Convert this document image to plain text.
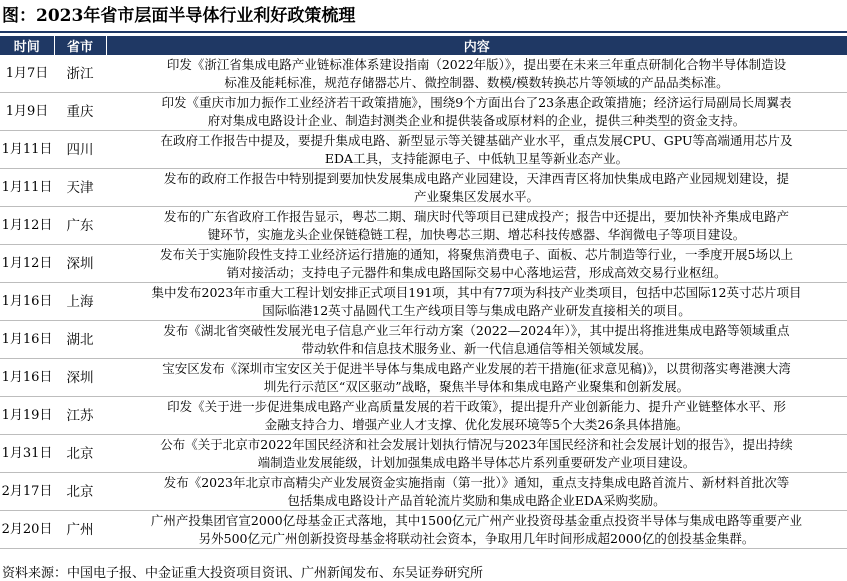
图：2023年省市层面半导体行业利好政策梳理
时间	省市	内容
1月7日	浙江	印发《浙江省集成电路产业链标准体系建设指南（2022年版）》，提出要在未来三年重点研制化合物半导体制造设
标准及能耗标准，规范存储器芯片、微控制器、数模/模数转换芯片等领域的产品品类标准。

1月9日	重庆	印发《重庆市加力振作工业经济若干政策措施》，围绕9个方面出台了23条惠企政策措施；经济运行局副局长周翼表
府对集成电路设计企业、制造封测类企业和提供装备或原材料的企业，提供三种类型的资金支持。

1月11日	四川	在政府工作报告中提及，要提升集成电路、新型显示等关键基础产业水平，重点发展CPU、GPU等高端通用芯片及
EDA工具，支持能源电子、中低轨卫星等新业态产业。

1月11日	天津	发布的政府工作报告中特别提到要加快发展集成电路产业园建设，天津西青区将加快集成电路产业园规划建设，提
产业聚集区发展水平。

1月12日	广东	发布的广东省政府工作报告显示，粤芯二期、瑞庆时代等项目已建成投产；报告中还提出，要加快补齐集成电路产
键环节，实施龙头企业保链稳链工程，加快粤芯三期、增芯科技传感器、华润微电子等项目建设。

1月12日	深圳	发布关于实施阶段性支持工业经济运行措施的通知，将聚焦消费电子、面板、芯片制造等行业，一季度开展5场以上
销对接活动；支持电子元器件和集成电路国际交易中心落地运营，形成高效交易行业枢纽。

1月16日	上海	集中发布2023年市重大工程计划安排正式项目191项，其中有77项为科技产业类项目，包括中芯国际12英寸芯片项目
国际临港12英寸晶圆代工生产线项目等与集成电路产业研发直接相关的项目。

1月16日	湖北	发布《湖北省突破性发展光电子信息产业三年行动方案（2022—2024年）》，其中提出将推进集成电路等领域重点
带动软件和信息技术服务业、新一代信息通信等相关领域发展。

1月16日	深圳	宝安区发布《深圳市宝安区关于促进半导体与集成电路产业发展的若干措施(征求意见稿)》，以贯彻落实粤港澳大湾
圳先行示范区“双区驱动”战略，聚焦半导体和集成电路产业聚集和创新发展。

1月19日	江苏	印发《关于进一步促进集成电路产业高质量发展的若干政策》，提出提升产业创新能力、提升产业链整体水平、形
金融支持合力、增强产业人才支撑、优化发展环境等5个大类26条具体措施。

1月31日	北京	公布《关于北京市2022年国民经济和社会发展计划执行情况与2023年国民经济和社会发展计划的报告》，提出持续
端制造业发展能级，计划加强集成电路半导体芯片系列重要研发产业项目建设。

2月17日	北京	发布《2023年北京市高精尖产业发展资金实施指南（第一批）》通知，重点支持集成电路首流片、新材料首批次等
包括集成电路设计产品首轮流片奖励和集成电路企业EDA采购奖励。

2月20日	广州	广州产投集团官宣2000亿母基金正式落地，其中1500亿元广州产业投资母基金重点投资半导体与集成电路等重要产业
另外500亿元广州创新投资母基金将联动社会资本，争取用几年时间形成超2000亿的创投基金集群。
资料来源：中国电子报、中金证重大投资项目资讯、广州新闻发布、东吴证券研究所
